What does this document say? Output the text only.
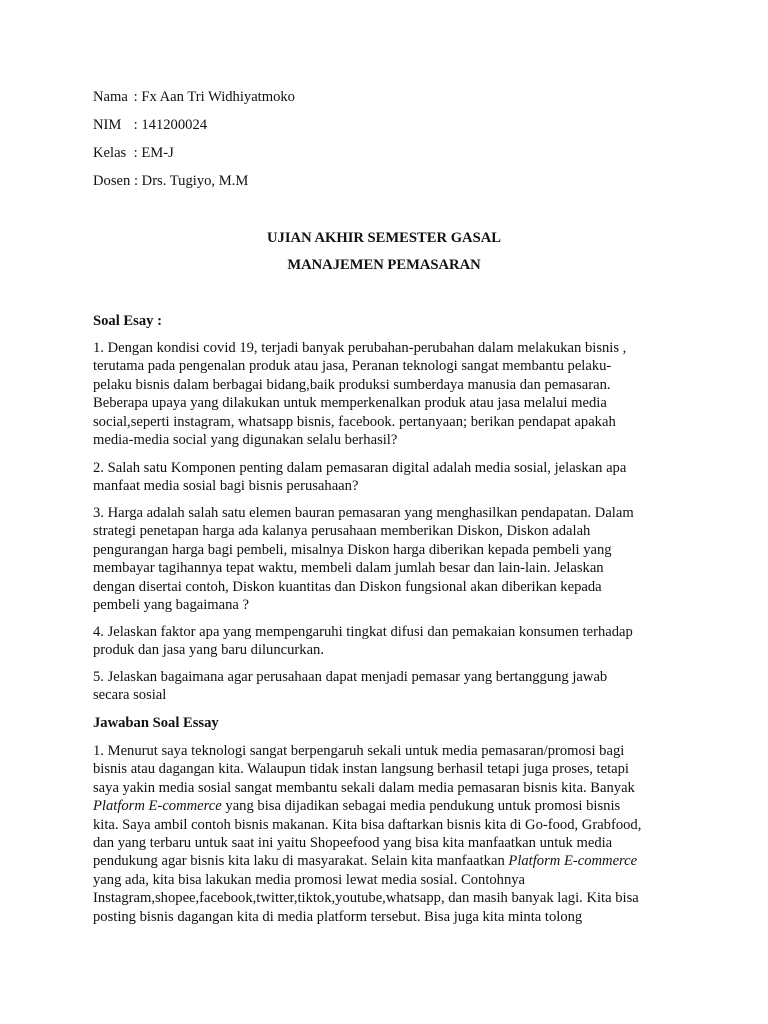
Nama : Fx Aan Tri Widhiyatmoko
NIM : 141200024
Kelas : EM-J
Dosen : Drs. Tugiyo, M.M
UJIAN AKHIR SEMESTER GASAL
MANAJEMEN PEMASARAN
Soal Esay :

1. Dengan kondisi covid 19, terjadi banyak perubahan-perubahan dalam melakukan bisnis ,

terutama pada pengenalan produk atau jasa, Peranan teknologi sangat membantu pelaku-

pelaku bisnis dalam berbagai bidang,baik produksi sumberdaya manusia dan pemasaran.

Beberapa upaya yang dilakukan untuk memperkenalkan produk atau jasa melalui media

social,seperti instagram, whatsapp bisnis, facebook. pertanyaan; berikan pendapat apakah

media-media social yang digunakan selalu berhasil?

2. Salah satu Komponen penting dalam pemasaran digital adalah media sosial, jelaskan apa

manfaat media sosial bagi bisnis perusahaan?

3. Harga adalah salah satu elemen bauran pemasaran yang menghasilkan pendapatan. Dalam

strategi penetapan harga ada kalanya perusahaan memberikan Diskon, Diskon adalah

pengurangan harga bagi pembeli, misalnya Diskon harga diberikan kepada pembeli yang

membayar tagihannya tepat waktu, membeli dalam jumlah besar dan lain-lain. Jelaskan

dengan disertai contoh, Diskon kuantitas dan Diskon fungsional akan diberikan kepada

pembeli yang bagaimana ?

4. Jelaskan faktor apa yang mempengaruhi tingkat difusi dan pemakaian konsumen terhadap

produk dan jasa yang baru diluncurkan.

5. Jelaskan bagaimana agar perusahaan dapat menjadi pemasar yang bertanggung jawab

secara sosial

Jawaban Soal Essay

1. Menurut saya teknologi sangat berpengaruh sekali untuk media pemasaran/promosi bagi

bisnis atau dagangan kita. Walaupun tidak instan langsung berhasil tetapi juga proses, tetapi

saya yakin media sosial sangat membantu sekali dalam media pemasaran bisnis kita. Banyak

Platform E-commerce yang bisa dijadikan sebagai media pendukung untuk promosi bisnis

kita. Saya ambil contoh bisnis makanan. Kita bisa daftarkan bisnis kita di Go-food, Grabfood,

dan yang terbaru untuk saat ini yaitu Shopeefood yang bisa kita manfaatkan untuk media

pendukung agar bisnis kita laku di masyarakat. Selain kita manfaatkan Platform E-commerce

yang ada, kita bisa lakukan media promosi lewat media sosial. Contohnya

Instagram,shopee,facebook,twitter,tiktok,youtube,whatsapp, dan masih banyak lagi. Kita bisa

posting bisnis dagangan kita di media platform tersebut. Bisa juga kita minta tolong
